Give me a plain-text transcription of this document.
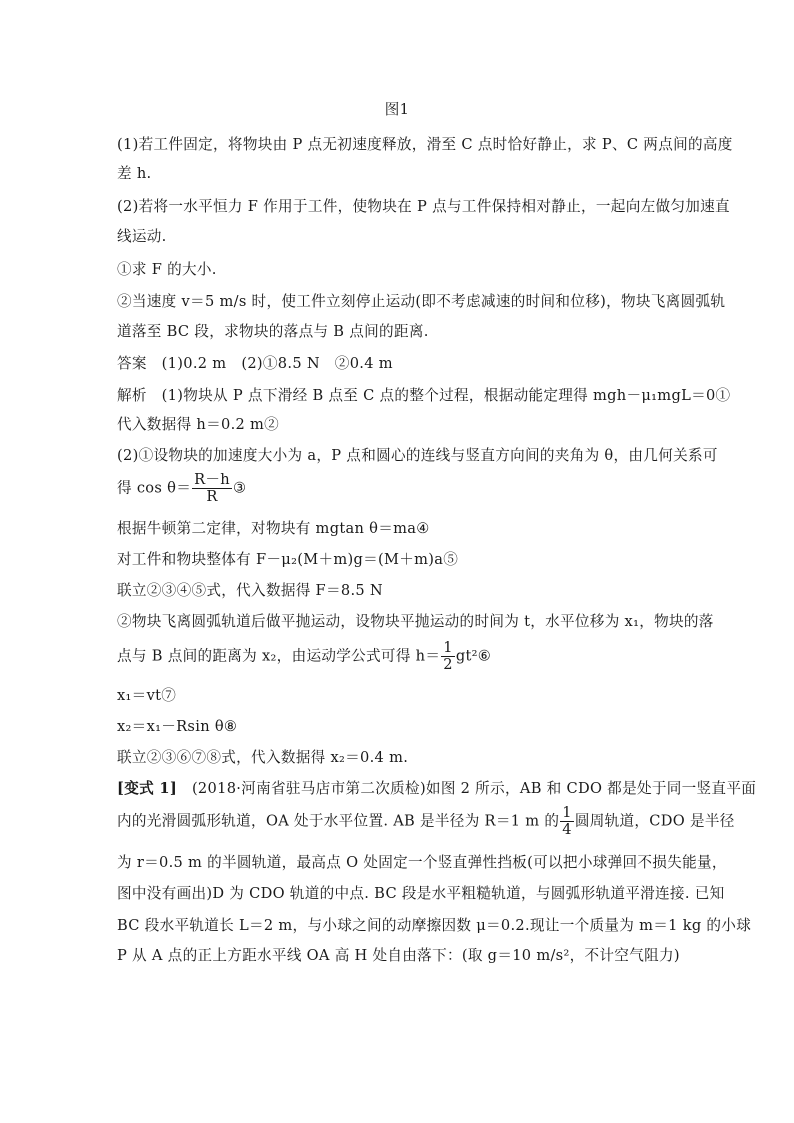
图1
(1)若工件固定，将物块由 P 点无初速度释放，滑至 C 点时恰好静止，求 P、C 两点间的高度
差 h.
(2)若将一水平恒力 F 作用于工件，使物块在 P 点与工件保持相对静止，一起向左做匀加速直
线运动.
①求 F 的大小.
②当速度 v＝5 m/s 时，使工件立刻停止运动(即不考虑减速的时间和位移)，物块飞离圆弧轨
道落至 BC 段，求物块的落点与 B 点间的距离.
答案　(1)0.2 m　(2)①8.5 N　②0.4 m
解析　(1)物块从 P 点下滑经 B 点至 C 点的整个过程，根据动能定理得 mgh－μ₁mgL＝0①
代入数据得 h＝0.2 m②
(2)①设物块的加速度大小为 a，P 点和圆心的连线与竖直方向间的夹角为 θ，由几何关系可
得 $\cos \theta= \frac{R-h}{R}$ ③
根据牛顿第二定律，对物块有 mgtan θ＝ma④
对工件和物块整体有 F－μ₂(M＋m)g＝(M＋m)a⑤
联立②③④⑤式，代入数据得 F＝8.5 N
②物块飞离圆弧轨道后做平抛运动，设物块平抛运动的时间为 t，水平位移为 x₁，物块的落
点与 B 点间的距离为 x₂，由运动学公式可得 $h= \frac{1}{2}$ gt²⑥
x₁＝vt⑦
x₂＝x₁－Rsin θ⑧
联立②③⑥⑦⑧式，代入数据得 x₂＝0.4 m.
[变式 1]　(2018·河南省驻马店市第二次质检)如图 2 所示，AB 和 CDO 都是处于同一竖直平面
内的光滑圆弧形轨道，OA 处于水平位置. AB 是半径为 R＝1 m 的 $\frac{1}{4}$ 圆周轨道，CDO 是半径
为 r＝0.5 m 的半圆轨道，最高点 O 处固定一个竖直弹性挡板(可以把小球弹回不损失能量，
图中没有画出)D 为 CDO 轨道的中点. BC 段是水平粗糙轨道，与圆弧形轨道平滑连接. 已知
BC 段水平轨道长 L＝2 m，与小球之间的动摩擦因数 μ＝0.2.现让一个质量为 m＝1 kg 的小球
P 从 A 点的正上方距水平线 OA 高 H 处自由落下：(取 g＝10 m/s²，不计空气阻力)
